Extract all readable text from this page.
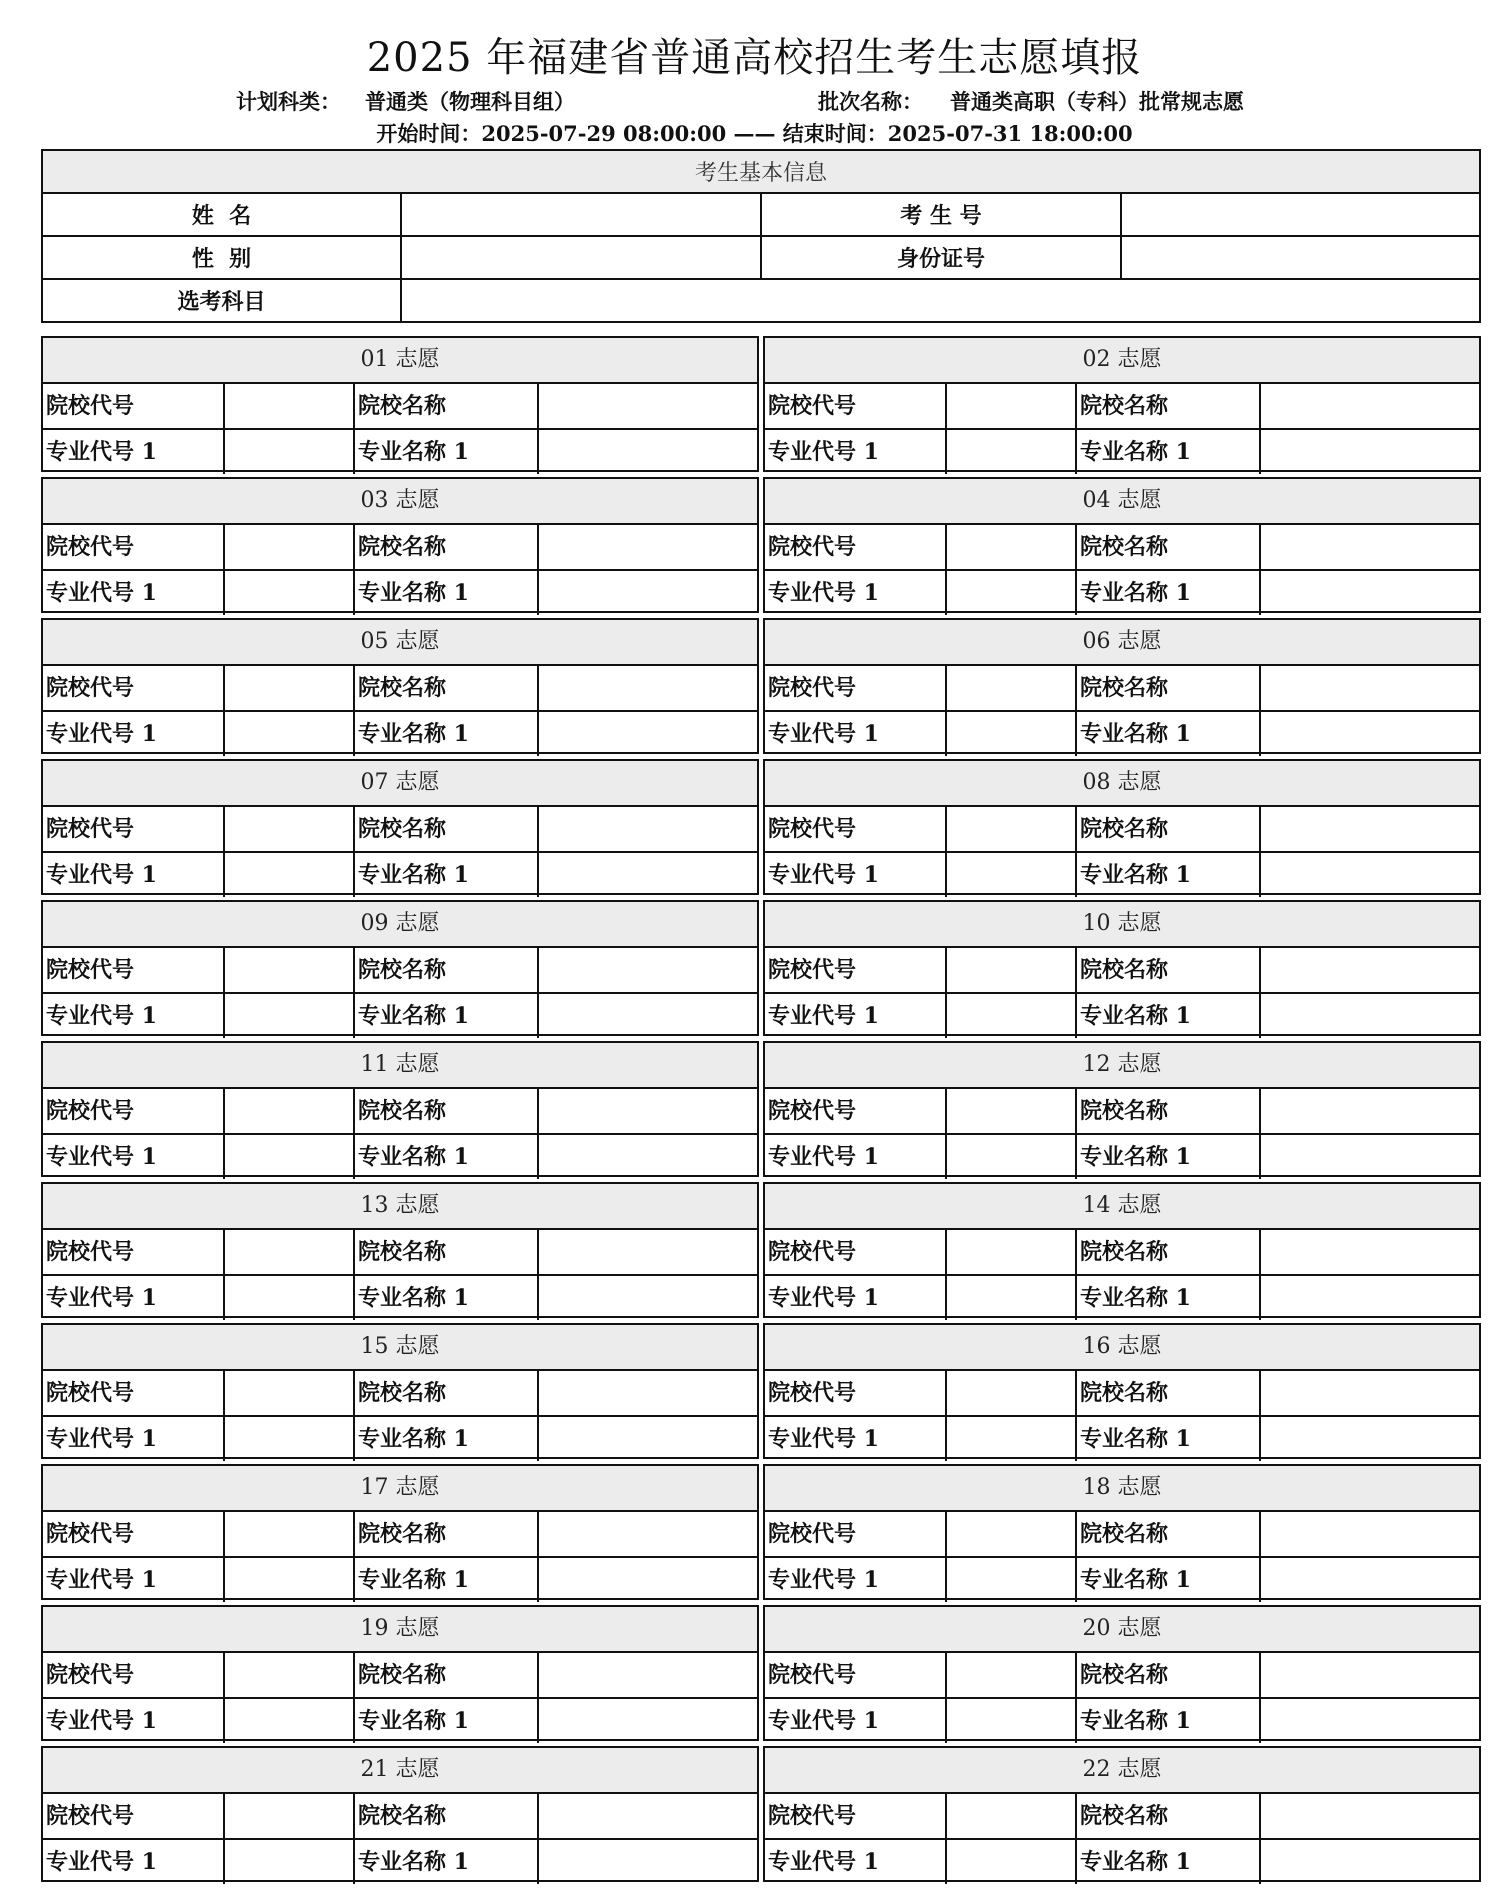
2025 年福建省普通高校招生考生志愿填报
计划科类： 普通类（物理科目组）	批次名称： 普通类高职（专科）批常规志愿
开始时间：2025-07-29 08:00:00 —— 结束时间：2025-07-31 18:00:00
考生基本信息			
姓  名		考 生 号	
性  别		身份证号	
选考科目			
01 志愿
院校代号	院校名称
专业代号 1	专业名称 1
02 志愿
院校代号	院校名称
专业代号 1	专业名称 1
03 志愿
院校代号	院校名称
专业代号 1	专业名称 1
04 志愿
院校代号	院校名称
专业代号 1	专业名称 1
05 志愿
院校代号	院校名称
专业代号 1	专业名称 1
06 志愿
院校代号	院校名称
专业代号 1	专业名称 1
07 志愿
院校代号	院校名称
专业代号 1	专业名称 1
08 志愿
院校代号	院校名称
专业代号 1	专业名称 1
09 志愿
院校代号	院校名称
专业代号 1	专业名称 1
10 志愿
院校代号	院校名称
专业代号 1	专业名称 1
11 志愿
院校代号	院校名称
专业代号 1	专业名称 1
12 志愿
院校代号	院校名称
专业代号 1	专业名称 1
13 志愿
院校代号	院校名称
专业代号 1	专业名称 1
14 志愿
院校代号	院校名称
专业代号 1	专业名称 1
15 志愿
院校代号	院校名称
专业代号 1	专业名称 1
16 志愿
院校代号	院校名称
专业代号 1	专业名称 1
17 志愿
院校代号	院校名称
专业代号 1	专业名称 1
18 志愿
院校代号	院校名称
专业代号 1	专业名称 1
19 志愿
院校代号	院校名称
专业代号 1	专业名称 1
20 志愿
院校代号	院校名称
专业代号 1	专业名称 1
21 志愿
院校代号	院校名称
专业代号 1	专业名称 1
22 志愿
院校代号	院校名称
专业代号 1	专业名称 1
